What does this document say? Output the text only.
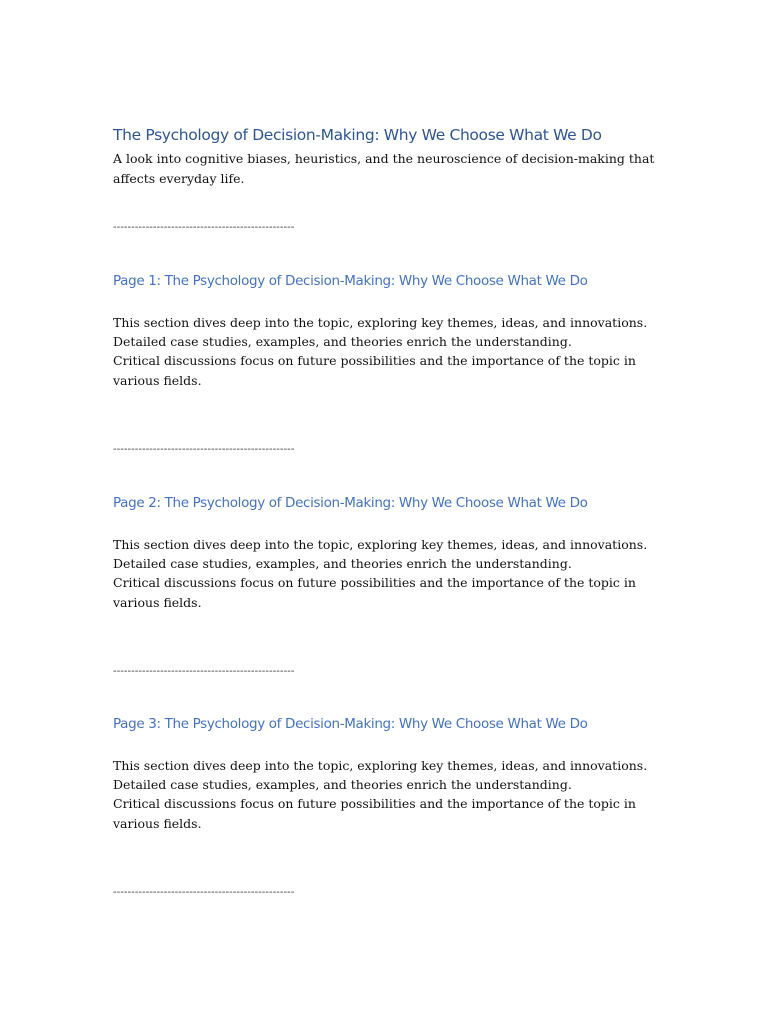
The Psychology of Decision-Making: Why We Choose What We Do

A look into cognitive biases, heuristics, and the neuroscience of decision-making that affects everyday life.

--------------------------------------------------
Page 1: The Psychology of Decision-Making: Why We Choose What We Do

This section dives deep into the topic, exploring key themes, ideas, and innovations.
Detailed case studies, examples, and theories enrich the understanding.
Critical discussions focus on future possibilities and the importance of the topic in various fields.

--------------------------------------------------
Page 2: The Psychology of Decision-Making: Why We Choose What We Do

This section dives deep into the topic, exploring key themes, ideas, and innovations.
Detailed case studies, examples, and theories enrich the understanding.
Critical discussions focus on future possibilities and the importance of the topic in various fields.

--------------------------------------------------
Page 3: The Psychology of Decision-Making: Why We Choose What We Do

This section dives deep into the topic, exploring key themes, ideas, and innovations.
Detailed case studies, examples, and theories enrich the understanding.
Critical discussions focus on future possibilities and the importance of the topic in various fields.

--------------------------------------------------
